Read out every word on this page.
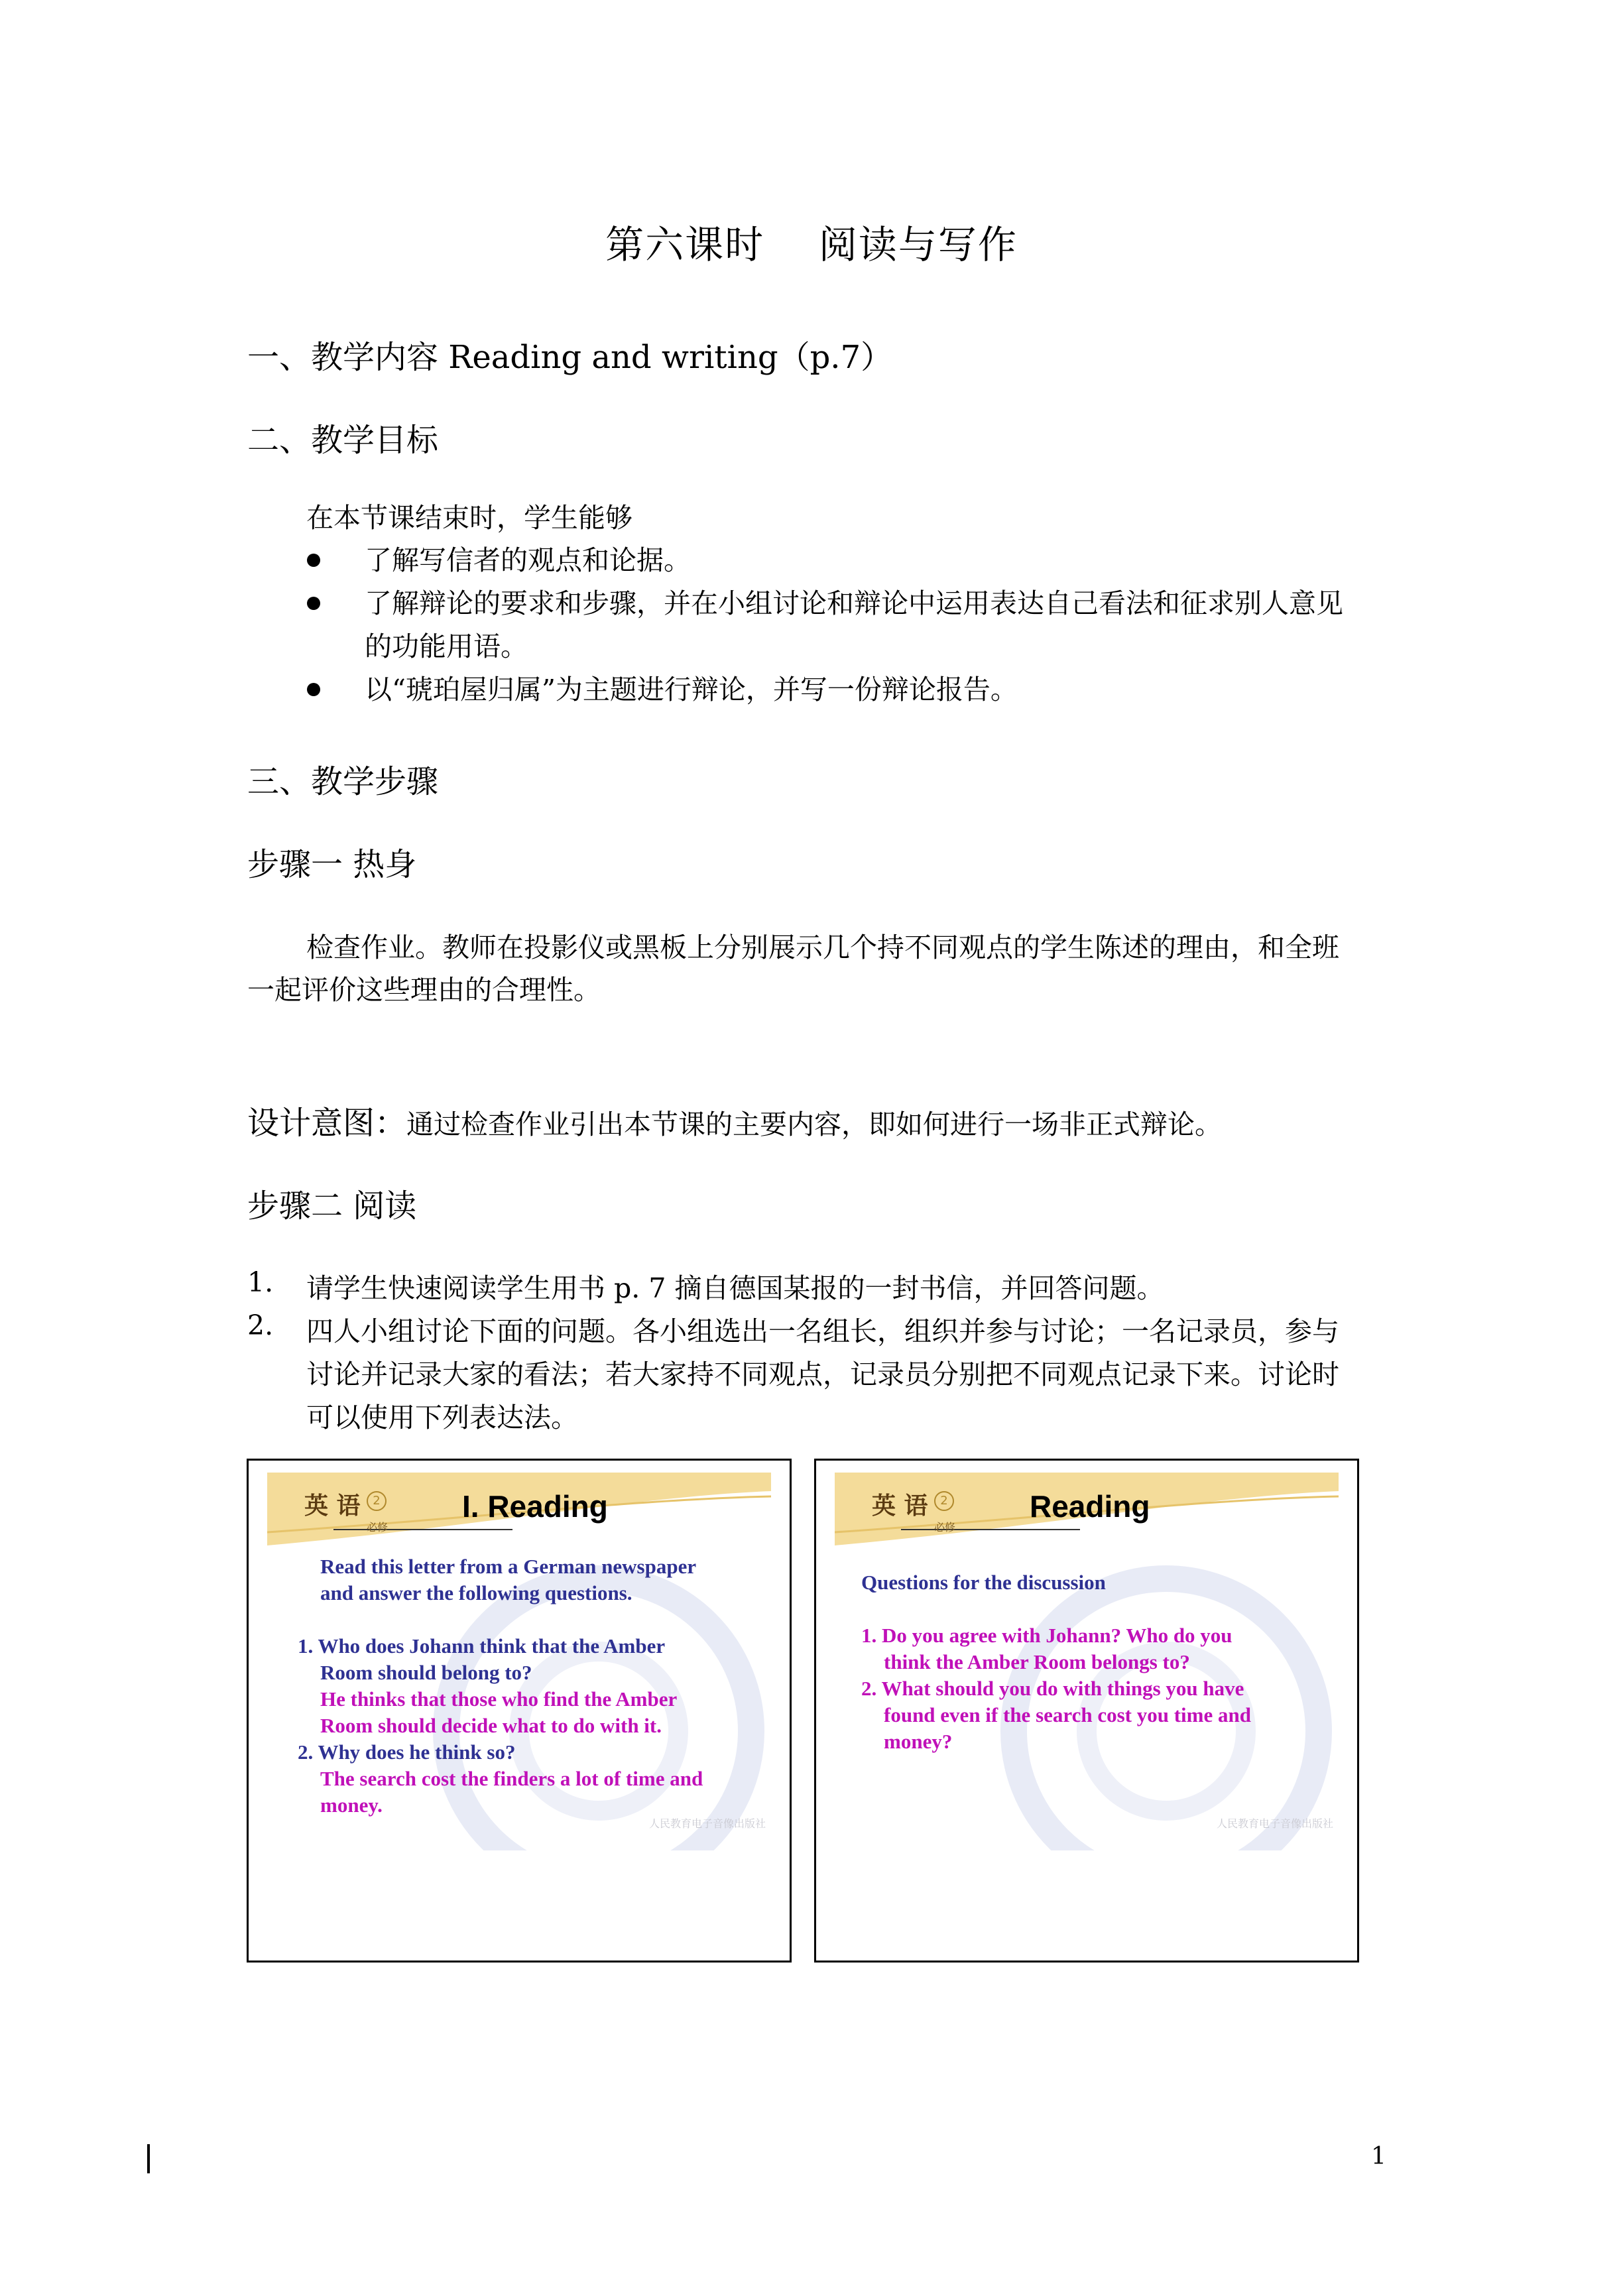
第六课时    阅读与写作
一、教学内容 Reading and writing（p.7）
二、教学目标
在本节课结束时，学生能够
了解写信者的观点和论据。
了解辩论的要求和步骤，并在小组讨论和辩论中运用表达自己看法和征求别人意见
的功能用语。
以“琥珀屋归属”为主题进行辩论，并写一份辩论报告。
三、教学步骤
步骤一 热身
检查作业。教师在投影仪或黑板上分别展示几个持不同观点的学生陈述的理由，和全班
一起评价这些理由的合理性。
设计意图：通过检查作业引出本节课的主要内容，即如何进行一场非正式辩论。
步骤二 阅读
1. 请学生快速阅读学生用书 p. 7 摘自德国某报的一封书信，并回答问题。
2. 四人小组讨论下面的问题。各小组选出一名组长，组织并参与讨论；一名记录员，参与
讨论并记录大家的看法；若大家持不同观点，记录员分别把不同观点记录下来。讨论时
可以使用下列表达法。
英 语	2
必修
I. Reading
Read this letter from a German newspaper
and answer the following questions.
1. Who does Johann think that the Amber
Room should belong to?
He thinks that those who find the Amber
Room should decide what to do with it.
2. Why does he think so?
The search cost the finders a lot of time and
money.
人民教育电子音像出版社
英 语	2
必修
Reading
Questions for the discussion
1. Do you agree with Johann? Who do you
think the Amber Room belongs to?
2. What should you do with things you have
found even if the search cost you time and
money?
人民教育电子音像出版社
1
